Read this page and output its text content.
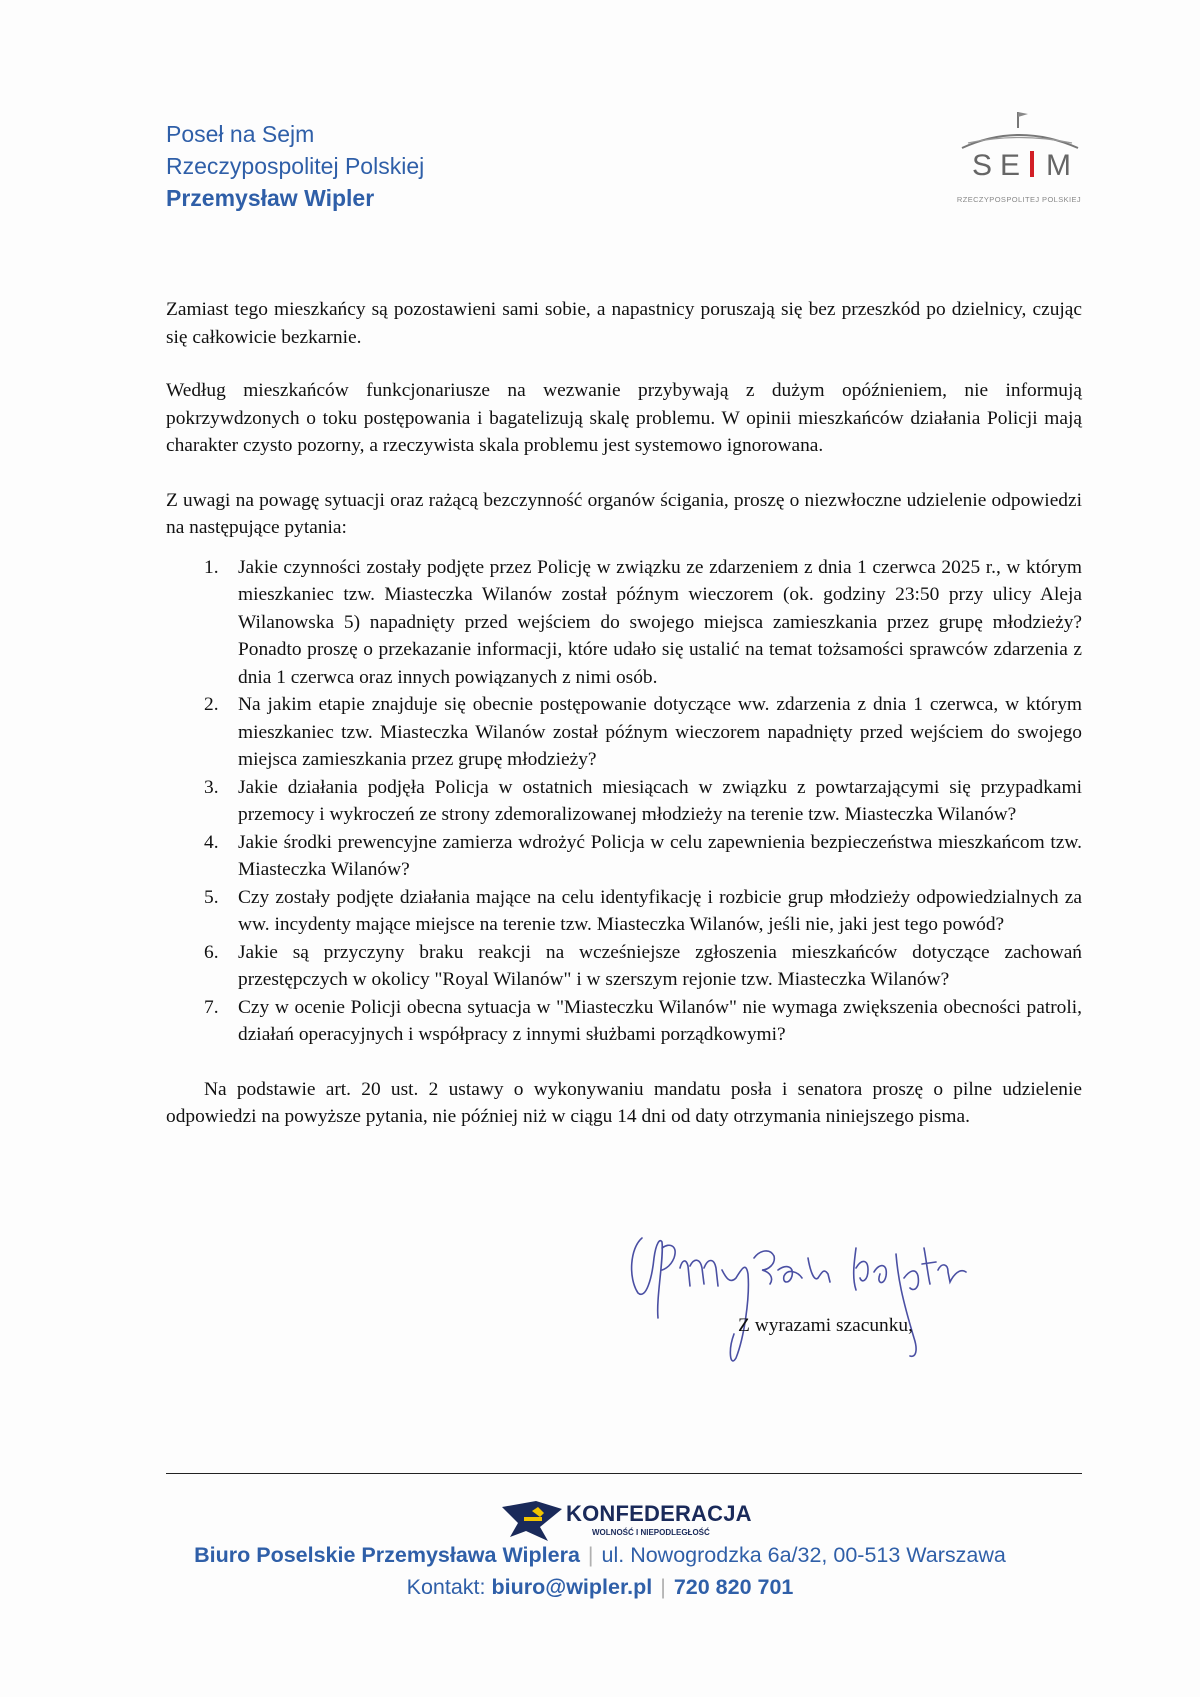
Poseł na Sejm
Rzeczypospolitej Polskiej
Przemysław Wipler
S E	J M
RZECZYPOSPOLITEJ POLSKIEJ

Zamiast tego mieszkańcy są pozostawieni sami sobie, a napastnicy poruszają się bez przeszkód po dzielnicy, czując się całkowicie bezkarnie.

Według mieszkańców funkcjonariusze na wezwanie przybywają z dużym opóźnieniem, nie informują pokrzywdzonych o toku postępowania i bagatelizują skalę problemu. W opinii mieszkańców działania Policji mają charakter czysto pozorny, a rzeczywista skala problemu jest systemowo ignorowana.

Z uwagi na powagę sytuacji oraz rażącą bezczynność organów ścigania, proszę o niezwłoczne udzielenie odpowiedzi na następujące pytania:

1. Jakie czynności zostały podjęte przez Policję w związku ze zdarzeniem z dnia 1 czerwca 2025 r., w którym mieszkaniec tzw. Miasteczka Wilanów został późnym wieczorem (ok. godziny 23:50 przy ulicy Aleja Wilanowska 5) napadnięty przed wejściem do swojego miejsca zamieszkania przez grupę młodzieży? Ponadto proszę o przekazanie informacji, które udało się ustalić na temat tożsamości sprawców zdarzenia z dnia 1 czerwca oraz innych powiązanych z nimi osób.
2. Na jakim etapie znajduje się obecnie postępowanie dotyczące ww. zdarzenia z dnia 1 czerwca, w którym mieszkaniec tzw. Miasteczka Wilanów został późnym wieczorem napadnięty przed wejściem do swojego miejsca zamieszkania przez grupę młodzieży?
3. Jakie działania podjęła Policja w ostatnich miesiącach w związku z powtarzającymi się przypadkami przemocy i wykroczeń ze strony zdemoralizowanej młodzieży na terenie tzw. Miasteczka Wilanów?
4. Jakie środki prewencyjne zamierza wdrożyć Policja w celu zapewnienia bezpieczeństwa mieszkańcom tzw. Miasteczka Wilanów?
5. Czy zostały podjęte działania mające na celu identyfikację i rozbicie grup młodzieży odpowiedzialnych za ww. incydenty mające miejsce na terenie tzw. Miasteczka Wilanów, jeśli nie, jaki jest tego powód?
6. Jakie są przyczyny braku reakcji na wcześniejsze zgłoszenia mieszkańców dotyczące zachowań przestępczych w okolicy "Royal Wilanów" i w szerszym rejonie tzw. Miasteczka Wilanów?
7. Czy w ocenie Policji obecna sytuacja w "Miasteczku Wilanów" nie wymaga zwiększenia obecności patroli, działań operacyjnych i współpracy z innymi służbami porządkowymi?

Na podstawie art. 20 ust. 2 ustawy o wykonywaniu mandatu posła i senatora proszę o pilne udzielenie odpowiedzi na powyższe pytania, nie później niż w ciągu 14 dni od daty otrzymania niniejszego pisma.

Z wyrazami szacunku,
KONFEDERACJA
WOLNOŚĆ I NIEPODLEGŁOŚĆ
Biuro Poselskie Przemysława Wiplera | ul. Nowogrodzka 6a/32, 00-513 Warszawa
Kontakt: biuro@wipler.pl | 720 820 701
